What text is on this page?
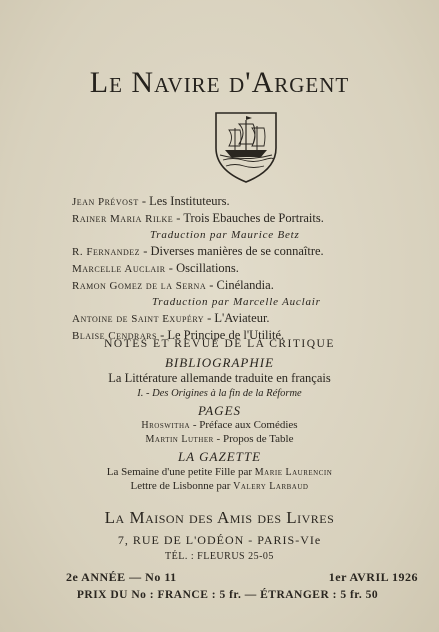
Le Navire d'Argent
Jean Prévost - Les Instituteurs.
Rainer Maria Rilke - Trois Ebauches de Portraits.
Traduction par Maurice Betz
R. Fernandez - Diverses manières de se connaître.
Marcelle Auclair - Oscillations.
Ramon Gomez de la Serna - Cinélandia.
Traduction par Marcelle Auclair
Antoine de Saint Exupéry - L'Aviateur.
Blaise Cendrars - Le Principe de l'Utilité.
NOTES ET REVUE DE LA CRITIQUE
BIBLIOGRAPHIE
La Littérature allemande traduite en français
I. - Des Origines à la fin de la Réforme
PAGES
Hroswitha - Préface aux Comédies
Martin Luther - Propos de Table
LA GAZETTE
La Semaine d'une petite Fille par Marie Laurencin
Lettre de Lisbonne par Valery Larbaud
La Maison des Amis des Livres
7, RUE DE L'ODÉON - PARIS-VIe
TÉL. : FLEURUS 25-05
2e ANNÉE — No 11	1er AVRIL 1926
PRIX DU No : FRANCE : 5 fr. — ÉTRANGER : 5 fr. 50
